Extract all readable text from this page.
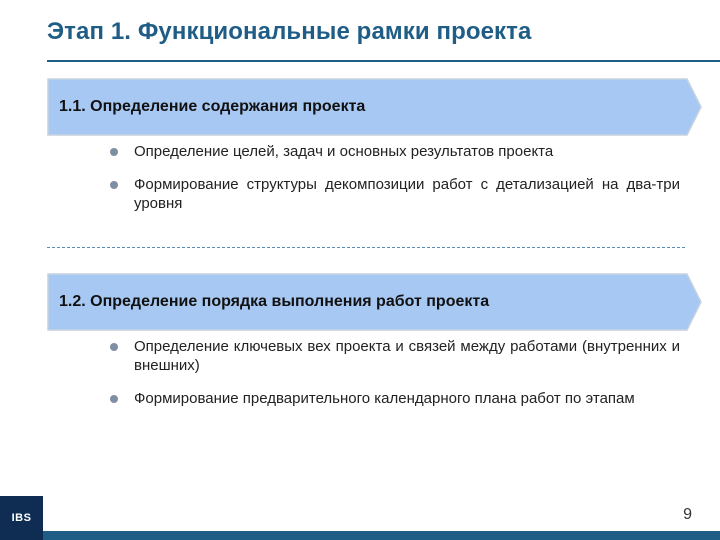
Этап 1. Функциональные рамки проекта
1.1. Определение содержания проекта
Определение целей, задач и основных результатов проекта
Формирование структуры декомпозиции работ с детализацией на два-три уровня
1.2. Определение порядка выполнения работ проекта
Определение ключевых вех проекта и связей между работами (внутренних и внешних)
Формирование предварительного календарного плана работ по этапам
IBS	9
